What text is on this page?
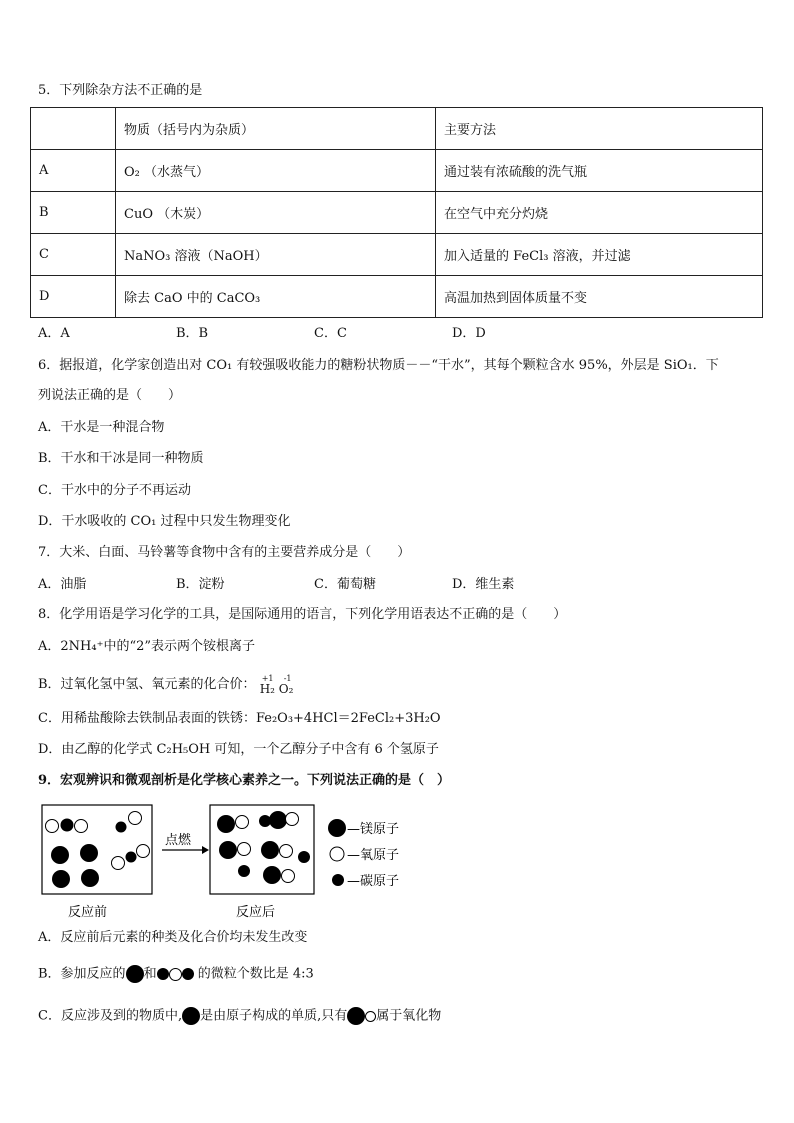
5．下列除杂方法不正确的是
	物质（括号内为杂质）	主要方法
A	O₂ （水蒸气）	通过装有浓硫酸的洗气瓶
B	CuO （木炭）	在空气中充分灼烧
C	NaNO₃ 溶液（NaOH）	加入适量的 FeCl₃ 溶液，并过滤
D	除去 CaO 中的 CaCO₃	高温加热到固体质量不变
A．A	B．B	C．C	D．D
6．据报道，化学家创造出对 CO₁ 有较强吸收能力的糖粉状物质－－“干水”，其每个颗粒含水 95%，外层是 SiO₁．下
列说法正确的是（　　）
A．干水是一种混合物
B．干水和干冰是同一种物质
C．干水中的分子不再运动
D．干水吸收的 CO₁ 过程中只发生物理变化
7．大米、白面、马铃薯等食物中含有的主要营养成分是（　　）
A．油脂	B．淀粉	C．葡萄糖	D．维生素
8．化学用语是学习化学的工具，是国际通用的语言，下列化学用语表达不正确的是（　　）
A．2NH₄⁺中的“2”表示两个铵根离子
B．过氧化氢中氢、氧元素的化合价： +1 -1
H₂ O₂
C．用稀盐酸除去铁制品表面的铁锈：Fe₂O₃+4HCl＝2FeCl₂+3H₂O
D．由乙醇的化学式 C₂H₅OH 可知，一个乙醇分子中含有 6 个氢原子
9．宏观辨识和微观剖析是化学核心素养之一。下列说法正确的是（　）
点燃
—镁原子
—氧原子
—碳原子
反应前	反应后
A．反应前后元素的种类及化合价均未发生改变
B．参加反应的 和	的微粒个数比是 4:3
C．反应涉及到的物质中, 是由原子构成的单质,只有 属于氧化物
